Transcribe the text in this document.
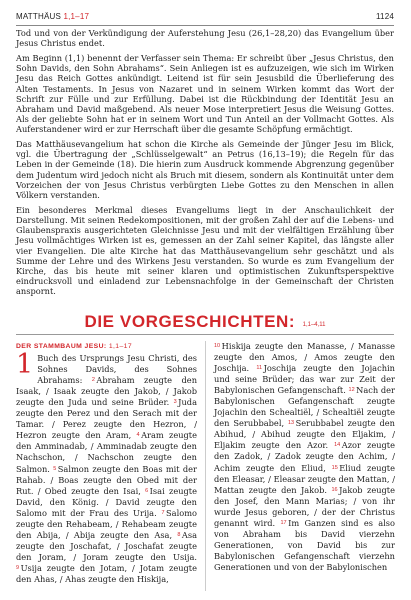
MATTHÄUS 1,1–17	1124

Tod und von der Verkündigung der Auferstehung Jesu (26,1–28,20) das Evangelium über Jesus Christus endet.

Am Beginn (1,1) benennt der Verfasser sein Thema: Er schreibt über „Jesus Christus, den Sohn Davids, den Sohn Abrahams“. Sein Anliegen ist es aufzuzeigen, wie sich im Wirken Jesu das Reich Gottes ankündigt. Leitend ist für sein Jesusbild die Überlieferung des Alten Testaments. In Jesus von Nazaret und in seinem Wirken kommt das Wort der Schrift zur Fülle und zur Erfüllung. Dabei ist die Rückbindung der Identität Jesu an Abraham und David maßgebend. Als neuer Mose interpretiert Jesus die Weisung Gottes. Als der geliebte Sohn hat er in seinem Wort und Tun Anteil an der Vollmacht Gottes. Als Auferstandener wird er zur Herrschaft über die gesamte Schöpfung ermächtigt.

Das Matthäusevangelium hat schon die Kirche als Gemeinde der Jünger Jesu im Blick, vgl. die Übertragung der „Schlüsselgewalt“ an Petrus (16,13–19); die Regeln für das Leben in der Gemeinde (18). Die hierin zum Ausdruck kommende Abgrenzung gegenüber dem Judentum wird jedoch nicht als Bruch mit diesem, sondern als Kontinuität unter dem Vorzeichen der von Jesus Christus verbürgten Liebe Gottes zu den Menschen in allen Völkern verstanden.

Ein besonderes Merkmal dieses Evangeliums liegt in der Anschaulichkeit der Darstellung. Mit seinen Redekompositionen, mit der großen Zahl der auf die Lebens- und Glaubenspraxis ausgerichteten Gleichnisse Jesu und mit der vielfältigen Erzählung über Jesu vollmächtiges Wirken ist es, gemessen an der Zahl seiner Kapitel, das längste aller vier Evangelien. Die alte Kirche hat das Matthäusevangelium sehr geschätzt und als Summe der Lehre und des Wirkens Jesu verstanden. So wurde es zum Evangelium der Kirche, das bis heute mit seiner klaren und optimistischen Zukunftsperspektive eindrucksvoll und einladend zur Lebensnachfolge in der Gemeinschaft der Christen anspornt.

DIE VORGESCHICHTEN: 1,1–4,11
DER STAMMBAUM JESU: 1,1–17
1 Buch des Ursprungs Jesu Christi, des Sohnes Davids, des Sohnes Abrahams: $^2$ Abraham zeugte den Isaak, / Isaak zeugte den Jakob, / Jakob zeugte den Juda und seine Brüder. $^3$ Juda zeugte den Perez und den Serach mit der Tamar. / Perez zeugte den Hezron, / Hezron zeugte den Aram, $^4$ Aram zeugte den Amminadab, / Amminadab zeugte den Nachschon, / Nachschon zeugte den Salmon. $^5$ Salmon zeugte den Boas mit der Rahab. / Boas zeugte den Obed mit der Rut. / Obed zeugte den Isai, $^6$ Isai zeugte David, den König. / David zeugte den Salomo mit der Frau des Urija. $^7$ Salomo zeugte den Rehabeam, / Rehabeam zeugte den Abija, / Abija zeugte den Asa, $^8$ Asa zeugte den Joschafat, / Joschafat zeugte den Joram, / Joram zeugte den Usija. $^9$ Usija zeugte den Jotam, / Jotam zeugte den Ahas, / Ahas zeugte den Hiskija,
$^{10}$ Hiskija zeugte den Manasse, / Manasse zeugte den Amos, / Amos zeugte den Joschija. $^{11}$ Joschija zeugte den Jojachin und seine Brüder; das war zur Zeit der Babylonischen Gefangenschaft. $^{12}$ Nach der Babylonischen Gefangenschaft zeugte Jojachin den Schealtiël, / Schealtiël zeugte den Serubbabel, $^{13}$ Serubbabel zeugte den Abihud, / Abihud zeugte den Eljakim, / Eljakim zeugte den Azor. $^{14}$ Azor zeugte den Zadok, / Zadok zeugte den Achim, / Achim zeugte den Eliud, $^{15}$ Eliud zeugte den Eleasar, / Eleasar zeugte den Mattan, / Mattan zeugte den Jakob. $^{16}$ Jakob zeugte den Josef, den Mann Marias; / von ihr wurde Jesus geboren, / der der Christus genannt wird. $^{17}$ Im Ganzen sind es also von Abraham bis David vierzehn Generationen, von David bis zur Babylonischen Gefangenschaft vierzehn Generationen und von der Babylonischen
